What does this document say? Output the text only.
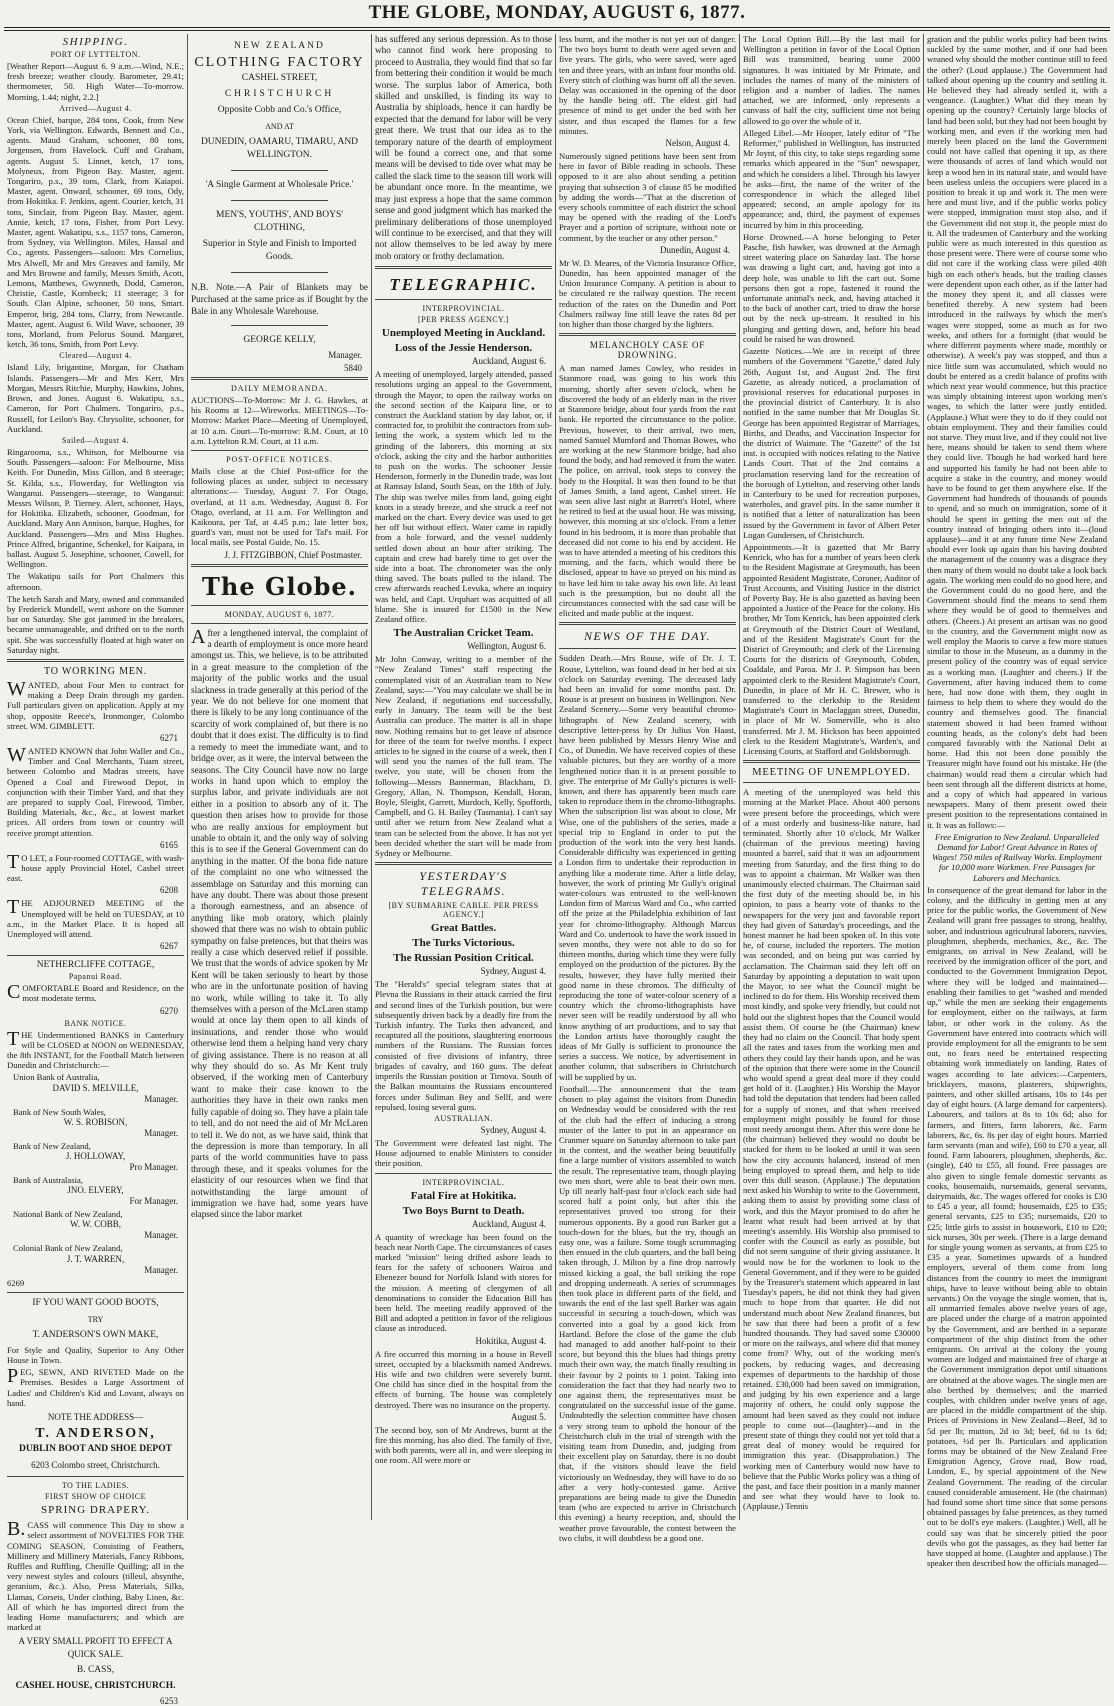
THE GLOBE, MONDAY, AUGUST 6, 1877.
SHIPPING.
PORT OF LYTTELTON.

[Weather Report—August 6. 9 a.m.—Wind, N.E.; fresh breeze; weather cloudy. Barometer, 29.41; thermometer, 50. High Water—To-morrow. Morning, 1.44; night, 2.2.]

Arrived—August 4.

Ocean Chief, barque, 284 tons, Cook, from New York, via Wellington. Edwards, Bennett and Co., agents. Maud Graham, schooner, 80 tons, Jorgensen, from Havelock. Cuff and Graham, agents. August 5. Linnet, ketch, 17 tons, Molyneux, from Pigeon Bay. Master, agent. Tongariro, p.s., 39 tons, Clark, from Kaiapoi. Master, agent. Onward, schooner, 69 tons, Ody, from Hokitika. F. Jenkins, agent. Courier, ketch, 31 tons, Sinclair, from Pigeon Bay. Master, agent. Annie, ketch, 17 tons, Fisher, from Port Levy. Master, agent. Wakatipu, s.s., 1157 tons, Cameron, from Sydney, via Wellington. Miles, Hassal and Co., agents. Passengers—saloon: Mrs Cornelius, Mrs Alwell, Mr and Mrs Greaves and family, Mr and Mrs Browne and family, Messrs Smith, Acott, Lemons, Matthews, Gwynneth, Dodd, Cameron, Christie, Castle, Kornbeck; 11 steerage; 3 for South. Clan Alpine, schooner, 50 tons, Smart. Emperor, brig, 284 tons, Clarry, from Newcastle. Master, agent. August 6. Wild Wave, schooner, 39 tons, Morland, from Pelorus Sound. Margaret, ketch, 36 tons, Smith, from Port Levy.

Cleared—August 4.

Island Lily, brigantine, Morgan, for Chatham Islands. Passengers—Mr and Mrs Kerr, Mrs Morgan, Messrs Ritchie, Murphy, Hawkins, Johns, Brown, and Jones. August 6. Wakatipu, s.s., Cameron, for Port Chalmers. Tongariro, p.s., Russell, for Leilon's Bay. Chrysolite, schooner, for Auckland.

Sailed—August 4.

Ringarooma, s.s., Whitson, for Melbourne via South. Passengers—saloon: For Melbourne, Miss Keith. For Dunedin, Miss Gillon, and 8 steerage; St. Kilda, s.s., Flowerday, for Wellington via Wanganui. Passengers—steerage, to Wanganui: Messrs Wilson, P. Tierney. Alert, schooner, Hays, for Hokitika. Elizabeth, schooner, Goodman, for Auckland. Mary Ann Annison, barque, Hughes, for Auckland. Passengers—Mrs and Miss Hughes. Prince Alfred, brigantine, Schenkel, for Kaipara, in ballast. August 5. Josephine, schooner, Cowell, for Wellington.

The Wakatipu sails for Port Chalmers this afternoon.

The ketch Sarah and Mary, owned and commanded by Frederick Mundell, went ashore on the Sumner bar on Saturday. She got jammed in the breakers, became unmanageable, and drifted on to the north spit. She was successfully floated at high water on Saturday night.

TO WORKING MEN.

WANTED, about Four Men to contract for making a Deep Drain through my garden. Full particulars given on application. Apply at my shop, opposite Reece's, Ironmonger, Colombo street. WM. GIMBLETT.

6271

WANTED KNOWN that John Waller and Co., Timber and Coal Merchants, Tuam street, between Colombo and Madras streets, have Opened a Coal and Firewood Depot, in conjunction with their Timber Yard, and that they are prepared to supply Coal, Firewood, Timber, Building Materials, &c., &c., at lowest market prices. All orders from town or country will receive prompt attention.

6165

TO LET, a Four-roomed COTTAGE, with wash-house apply Provincial Hotel, Cashel street east.

6208

THE ADJOURNED MEETING of the Unemployed will be held on TUESDAY, at 10 a.m., in the Market Place. It is hoped all Unemployed will attend.

6267
NETHERCLIFFE COTTAGE,
Papanui Road.

COMFORTABLE Board and Residence, on the most moderate terms.

6270
BANK NOTICE.

THE Undermentioned BANKS in Canterbury will be CLOSED at NOON on WEDNESDAY, the 8th INSTANT, for the Football Match between Dunedin and Christchurch:—

Union Bank of Australia,

DAVID S. MELVILLE,
Manager.

Bank of New South Wales,

W. S. ROBISON,
Manager.

Bank of New Zealand,

J. HOLLOWAY,
Pro Manager.

Bank of Australasia,

JNO. ELVERY,
For Manager.

National Bank of New Zealand,

W. W. COBB,
Manager.

Colonial Bank of New Zealand,

J. T. WARREN,
Manager.

6269

IF YOU WANT GOOD BOOTS,
TRY
T. ANDERSON'S OWN MAKE,

For Style and Quality, Superior to Any Other House in Town.

PEG, SEWN, AND RIVETED Made on the Premises. Besides a Large Assortment of Ladies' and Children's Kid and Lovant, always on hand.

NOTE THE ADDRESS—
T. ANDERSON,
DUBLIN BOOT AND SHOE DEPOT
6203 Colombo street, Christchurch.
TO THE LADIES.
FIRST SHOW OF CHOICE
SPRING DRAPERY.

B.CASS will commence This Day to show a select assortment of NOVELTIES FOR THE COMING SEASON, Consisting of Feathers, Millinery and Millinery Materials, Fancy Ribbons, Ruffles and Ruffling, Chenille Quilling; all in the very newest styles and colours (tilleul, absynthe, geranium, &c.). Also, Press Materials, Silks, Llamas, Corsets, Under clothing, Baby Linen, &c. All of which he has imported direct from the leading Home manufacturers; and which are marked at

A VERY SMALL PROFIT TO EFFECT A QUICK SALE.
B. CASS,
CASHEL HOUSE, CHRISTCHURCH.
6253
NEW ZEALAND
CLOTHING FACTORY
CASHEL STREET,
CHRISTCHURCH
Opposite Cobb and Co.'s Office,
AND AT
DUNEDIN, OAMARU, TIMARU, AND WELLINGTON.
'A Single Garment at Wholesale Price.'
MEN'S, YOUTHS', AND BOYS' CLOTHING,
Superior in Style and Finish to Imported Goods.

N.B. Note.—A Pair of Blankets may be Purchased at the same price as if Bought by the Bale in any Wholesale Warehouse.

GEORGE KELLY,
Manager.
5840
DAILY MEMORANDA.

AUCTIONS—To-Morrow: Mr J. G. Hawkes, at his Rooms at 12—Wireworks. MEETINGS—To-Morrow: Market Place—Meeting of Unemployed, at 10 a.m. Court—To-morrow: R.M. Court, at 10 a.m. Lyttelton R.M. Court, at 11 a.m.

POST-OFFICE NOTICES.

Mails close at the Chief Post-office for the following places as under, subject to necessary alterations:— Tuesday, August 7. For Otago, overland, at 11 a.m. Wednesday, August 8. For Otago, overland, at 11 a.m. For Wellington and Kaikoura, per Taf, at 4.45 p.m.; late letter box, guard's van, must not be used for Taf's mail. For local mails, see Postal Guide, No. 15.

J. J. FITZGIBBON, Chief Postmaster.
The Globe.
MONDAY, AUGUST 6, 1877.

After a lengthened interval, the complaint of a dearth of employment is once more heard amongst us. This, we believe, is to be attributed in a great measure to the completion of the majority of the public works and the usual slackness in trade generally at this period of the year. We do not believe for one moment that there is likely to be any long continuance of the scarcity of work complained of, but there is no doubt that it does exist. The difficulty is to find a remedy to meet the immediate want, and to bridge over, as it were, the interval between the seasons. The City Council have now no large works in hand upon which to employ the surplus labor, and private individuals are not either in a position to absorb any of it. The question then arises how to provide for those who are really anxious for employment but unable to obtain it, and the only way of solving this is to see if the General Government can do anything in the matter. Of the bona fide nature of the complaint no one who witnessed the assemblage on Saturday and this morning can have any doubt. There was about those present a thorough earnestness, and an absence of anything like mob oratory, which plainly showed that there was no wish to obtain public sympathy on false pretences, but that theirs was really a case which deserved relief if possible. We trust that the words of advice spoken by Mr Kent will be taken seriously to heart by those who are in the unfortunate position of having no work, while willing to take it. To ally themselves with a person of the McLaren stamp would at once lay them open to all kinds of insinuations, and render those who would otherwise lend them a helping hand very chary of giving assistance. There is no reason at all why they should do so. As Mr Kent truly observed, if the working men of Canterbury want to make their case known to the authorities they have in their own ranks men fully capable of doing so. They have a plain tale to tell, and do not need the aid of Mr McLaren to tell it. We do not, as we have said, think that the depression is more than temporary. In all parts of the world communities have to pass through these, and it speaks volumes for the elasticity of our resources when we find that notwithstanding the large amount of immigration we have had, some years have elapsed since the labor market

has suffered any serious depression. As to those who cannot find work here proposing to proceed to Australia, they would find that so far from bettering their condition it would be much worse. The surplus labor of America, both skilled and unskilled, is finding its way to Australia by shiploads, hence it can hardly be expected that the demand for labor will be very great there. We trust that our idea as to the temporary nature of the dearth of employment will be found a correct one, and that some means will be devised to tide over what may be called the slack time to the season till work will be abundant once more. In the meantime, we may just express a hope that the same common sense and good judgment which has marked the preliminary deliberations of those unemployed will continue to be exercised, and that they will not allow themselves to be led away by mere mob oratory or frothy declamation.

TELEGRAPHIC.
INTERPROVINCIAL.
[PER PRESS AGENCY.]
Unemployed Meeting in Auckland.
Loss of the Jessie Henderson.
Auckland, August 6.

A meeting of unemployed, largely attended, passed resolutions urging an appeal to the Government, through the Mayor, to open the railway works on the second section of the Kaipara line, or to construct the Auckland station by day labor, or, if contracted for, to prohibit the contractors from sub-letting the work, a system which led to the grinding of the laborers, this morning at six o'clock, asking the city and the harbor authorities to push on the works. The schooner Jessie Henderson, formerly in the Dunedin trade, was lost at Ramsay Island, South Seas, on the 18th of July. The ship was twelve miles from land, going eight knots in a steady breeze, and she struck a reef not marked on the chart. Every device was used to get her off but without effect. Water came in rapidly from a hole forward, and the vessel suddenly settled down about an hour after striking. The captain and crew had barely time to get over the side into a boat. The chronometer was the only thing saved. The boats pulled to the island. The crew afterwards reached Levuka, where an inquiry was held, and Capt. Urquhart was acquitted of all blame. She is insured for £1500 in the New Zealand office.

The Australian Cricket Team.
Wellington, August 6.

Mr John Conway, writing to a member of the "New Zealand Times" staff respecting the contemplated visit of an Australian team to New Zealand, says:—"You may calculate we shall be in New Zealand, if negotiations end successfully, early in January. The team will be the best Australia can produce. The matter is all in shape now. Nothing remains but to get leave of absence for three of the team for twelve months. I expect articles to be signed in the course of a week, then I will send you the names of the full team. The twelve, you state, will be chosen from the following—Messrs Bannerman, Blackham, D. Gregory, Allan, N. Thompson, Kendall, Horan, Boyle, Sleight, Garrett, Murdoch, Kelly, Spofforth, Campbell, and G. H. Bailey (Tasmania). I can't say until after we return from New Zealand what a team can be selected from the above. It has not yet been decided whether the start will be made from Sydney or Melbourne.

YESTERDAY'S TELEGRAMS.
[BY SUBMARINE CABLE. PER PRESS AGENCY.]
Great Battles.
The Turks Victorious.
The Russian Position Critical.
Sydney, August 4.

The "Herald's" special telegram states that at Plevna the Russians in their attack carried the first and second lines of the Turkish position, but were subsequently driven back by a deadly fire from the Turkish infantry. The Turks then advanced, and recaptured all the positions, slaughtering enormous numbers of the Russians. The Russian forces consisted of five divisions of infantry, three brigades of cavalry, and 160 guns. The defeat imperils the Russian position at Tirnova. South of the Balkan mountains the Russians encountered forces under Suliman Bey and Sellf, and were repulsed, losing several guns.

AUSTRALIAN.
Sydney, August 4.

The Government were defeated last night. The House adjourned to enable Ministers to consider their position.

INTERPROVINCIAL.
Fatal Fire at Hokitika.
Two Boys Burnt to Death.
Auckland, August 4.

A quantity of wreckage has been found on the beach near North Cape. The circumstances of cases marked "mission" being drifted ashore leads to fears for the safety of schooners Wairoa and Ebenezer bound for Norfolk Island with stores for the mission. A meeting of clergymen of all denominations to consider the Education Bill has been held. The meeting readily approved of the Bill and adopted a petition in favor of the religious clause as introduced.

Hokitika, August 4.

A fire occurred this morning in a house in Revell street, occupied by a blacksmith named Andrews. His wife and two children were severely burnt. One child has since died in the hospital from the effects of burning. The house was completely destroyed. There was no insurance on the property.

August 5.

The second boy, son of Mr Andrews, burnt at the fire this morning, has also died. The family of five, with both parents, were all in, and were sleeping in one room. All were more or

less burnt, and the mother is not yet out of danger. The two boys burnt to death were aged seven and five years. The girls, who were saved, were aged ten and three years, with an infant four months old. Every stitch of clothing was burnt off all the seven. Delay was occasioned in the opening of the door by the handle being off. The eldest girl had presence of mind to get under the bed with her sister, and thus escaped the flames for a few minutes.

Nelson, August 4.

Numerously signed petitions have been sent from here in favor of Bible reading in schools. These opposed to it are also about sending a petition praying that subsection 3 of clause 85 be modified by adding the words—"That at the discretion of every schools committee of each district the school may be opened with the reading of the Lord's Prayer and a portion of scripture, without note or comment, by the teacher or any other person."

Dunedin, August 4.

Mr W. D. Meares, of the Victoria Insurance Office, Dunedin, has been appointed manager of the Union Insurance Company. A petition is about to be circulated re the railway question. The recent reduction of the rates on the Dunedin and Port Chalmers railway line still leave the rates 8d per ton higher than those charged by the lighters.

MELANCHOLY CASE OF DROWNING.

A man named James Cowley, who resides in Stanmore road, was going to his work this morning, shortly after seven o'clock, when he discovered the body of an elderly man in the river at Stanmore bridge, about four yards from the east bank. He reported the circumstance to the police. Previous, however, to their arrival, two men, named Samuel Mumford and Thomas Bowes, who are working at the new Stanmore bridge, had also found the body, and had removed it from the water. The police, on arrival, took steps to convey the body to the Hospital. It was then found to be that of James Smith, a land agent, Cashel street. He was seen alive last night at Barrett's Hotel, where he retired to bed at the usual hour. He was missing, however, this morning at six o'clock. From a letter found in his bedroom, it is more than probable that deceased did not come to his end by accident. He was to have attended a meeting of his creditors this morning, and the facts, which would there be disclosed, appear to have so preyed on his mind as to have led him to take away his own life. At least such is the presumption, but no doubt all the circumstances connected with the sad case will be elicited and made public at the inquest.

NEWS OF THE DAY.

Sudden Death.—Mrs Rouse, wife of Dr. J. T. Rouse, Lyttelton, was found dead in her bed at six o'clock on Saturday evening. The deceased lady had been an invalid for some months past. Dr. Rouse is at present on business in Wellington. New Zealand Scenery.—Some very beautiful chromo-lithographs of New Zealand scenery, with descriptive letter-press by Dr Julius Von Haast, have been published by Messrs Henry Wise and Co., of Dunedin. We have received copies of these valuable pictures, but they are worthy of a more lengthened notice than it is at present possible to give. The enterprise of Mr Gully's pictures is well-known, and there has apparently been much care taken to reproduce them in the chromo-lithographs. When the subscription list was about to close, Mr Wise, one of the publishers of the series, made a special trip to England in order to put the production of the work into the very best hands. Considerable difficulty was experienced in getting a London firm to undertake their reproduction in anything like a moderate time. After a little delay, however, the work of printing Mr Gully's original water-colours was entrusted to the well-known London firm of Marcus Ward and Co., who carried off the prize at the Philadelphia exhibition of last year for chromo-lithography. Although Marcus Ward and Co. undertook to have the work issued in seven months, they were not able to do so for thirteen months, during which time they were fully employed on the production of the pictures. By the results, however, they have fully merited their good name in these chromos. The difficulty of reproducing the tone of water-colour scenery of a country which the chromo-lithographists have never seen will be readily understood by all who know anything of art productions, and to say that the London artists have thoroughly caught the ideas of Mr Gully is sufficient to pronounce the series a success. We notice, by advertisement in another column, that subscribers in Christchurch will be supplied by us.

Football.—The announcement that the team chosen to play against the visitors from Dunedin on Wednesday would be considered with the rest of the club had the effect of inducing a strong muster of the latter to put in an appearance on Cranmer square on Saturday afternoon to take part in the contest, and the weather being beautifully fine a large number of visitors assembled to watch the result. The representative team, though playing two men short, were able to beat their own men. Up till nearly half-past four o'clock each side had scored half a point only, but after this the representatives proved too strong for their numerous opponents. By a good run Barker got a touch-down for the blues, but the try, though an easy one, was a failure. Some tough scrummaging then ensued in the club quarters, and the ball being taken through, J. Milton by a fine drop narrowly missed kicking a goal, the ball striking the rope and dropping underneath. A series of scrummages then took place in different parts of the field, and towards the end of the last spell Barker was again successful in securing a touch-down, which was converted into a goal by a good kick from Hartland. Before the close of the game the club had managed to add another half-point to their score, but beyond this the blues had things pretty much their own way, the match finally resulting in their favour by 2 points to 1 point. Taking into consideration the fact that they had nearly two to one against them, the representatives must be congratulated on the successful issue of the game. Undoubtedly the selection committee have chosen a very strong team to uphold the honour of the Christchurch club in the trial of strength with the visiting team from Dunedin, and, judging from their excellent play on Saturday, there is no doubt that, if the visitors should leave the field victoriously on Wednesday, they will have to do so after a very hotly-contested game. Active preparations are being made to give the Dunedin team (who are expected to arrive in Christchurch this evening) a hearty reception, and, should the weather prove favourable, the contest between the two clubs, it will doubtless be a good one.

The Local Option Bill.—By the last mail for Wellington a petition in favor of the Local Option Bill was transmitted, bearing some 2000 signatures. It was initiated by Mr Primate, and includes the names of many of the ministers of religion and a number of ladies. The names attached, we are informed, only represents a canvass of half the city, sufficient time not being allowed to go over the whole of it.

Alleged Libel.—Mr Hooper, lately editor of "The Reformer," published in Wellington, has instructed Mr Joynt, of this city, to take steps regarding some remarks which appeared in the "Sun" newspaper, and which he considers a libel. Through his lawyer he asks—first, the name of the writer of the correspondence in which the alleged libel appeared; second, an ample apology for its appearance; and, third, the payment of expenses incurred by him in this proceeding.

Horse Drowned.—A horse belonging to Peter Pasche, fish hawker, was drowned at the Armagh street watering place on Saturday last. The horse was drawing a light cart, and, having got into a deep hole, was unable to lift the cart out. Some persons then got a rope, fastened it round the unfortunate animal's neck, and, having attached it to the back of another cart, tried to draw the horse out by the neck up-stream. It resulted in his plunging and getting down, and, before his head could be raised he was drowned.

Gazette Notices.—We are in receipt of three numbers of the Government "Gazette," dated July 26th, August 1st, and August 2nd. The first Gazette, as already noticed, a proclamation of provisional reserves for educational purposes in the provincial district of Canterbury. It is also notified in the same number that Mr Douglas St. George has been appointed Registrar of Marriages, Births, and Deaths, and Vaccination Inspector for the district of Waimate. The "Gazette" of the 1st inst. is occupied with notices relating to the Native Lands Court. That of the 2nd contains a proclamation reserving land for the recreation of the borough of Lyttelton, and reserving other lands in Canterbury to be used for recreation purposes, waterholes, and gravel pits. In the same number it is notified that a letter of naturalization has been issued by the Government in favor of Albert Peter Logan Gundersen, of Christchurch.

Appointments.—It is gazetted that Mr Barry Kenrick, who has for a number of years been clerk to the Resident Magistrate at Greymouth, has been appointed Resident Magistrate, Coroner, Auditor of Trust Accounts, and Visiting Justice in the district of Poverty Bay. He is also gazetted as having been appointed a Justice of the Peace for the colony. His brother, Mr Tom Kenrick, has been appointed clerk at Greymouth of the District Court of Westland, and of the Resident Magistrate's Court for the District of Greymouth; and clerk of the Licensing Courts for the districts of Greymouth, Cobden, Coaldale, and Paroa. Mr J. P. Simpson has been appointed clerk to the Resident Magistrate's Court, Dunedin, in place of Mr H. C. Brewer, who is transferred to the clerkship to the Resident Magistrate's Court in Maclaggan street, Dunedin, in place of Mr W. Somerville, who is also transferred. Mr J. M. Hickson has been appointed clerk to the Resident Magistrate's, Warden's, and Licensing Courts, at Stafford and Goldsborough.

MEETING OF UNEMPLOYED.

A meeting of the unemployed was held this morning at the Market Place. About 400 persons were present before the proceedings, which were of a most orderly and business-like nature, had terminated. Shortly after 10 o'clock, Mr Walker (chairman of the previous meeting) having mounted a barrel, said that it was an adjournment meeting from Saturday, and the first thing to do was to appoint a chairman. Mr Walker was then unanimously elected chairman. The Chairman said the first duty of the meeting should be, in his opinion, to pass a hearty vote of thanks to the newspapers for the very just and favorable report they had given of Saturday's proceedings, and the honest manner he had been spoken of. In this vote he, of course, included the reporters. The motion was seconded, and on being put was carried by acclamation. The Chairman said they left off on Saturday by appointing a deputation to wait upon the Mayor, to see what the Council might be inclined to do for them. His Worship received them most kindly, and spoke very friendly, but could not hold out the slightest hopes that the Council would assist them. Of course he (the Chairman) knew they had no claim on the Council. That body spent all the rates and taxes from the working men and others they could lay their hands upon, and he was of the opinion that there were some in the Council who would spend a great deal more if they could get hold of it. (Laughter.) His Worship the Mayor had told the deputation that tenders had been called for a supply of stones, and that when received employment might possibly be found for those most needy amongst them. After this were done he (the chairman) believed they would no doubt be stacked for them to be looked at until it was seen how the city accounts balanced, instead of men being employed to spread them, and help to tide over this dull season. (Applause.) The deputation next asked his Worship to write to the Government, asking them to assist by providing some class of work, and this the Mayor promised to do after he learnt what result had been arrived at by that meeting's assembly. His Worship also promised to confer with the Council as early as possible, but did not seem sanguine of their giving assistance. It would now be for the workmen to look to the General Government, and if they were to be guided by the Treasurer's statement which appeared in last Tuesday's papers, he did not think they had given much to hope from that quarter. He did not understand much about New Zealand finances, but he saw that there had been a profit of a few hundred thousands. They had saved some £30000 or more on the railways, and where did that money come from? Why, out of the working men's pockets, by reducing wages, and decreasing expenses of departments to the hardship of those retained. £30,000 had been saved on immigration, and judging by his own experience and a large majority of others, he could only suppose the amount had been saved as they could not induce people to come out—(laughter)—and in the present state of things they could not yet told that a great deal of money would be required for immigration this year. (Disapprobation.) The working men of Canterbury would now have to believe that the Public Works policy was a thing of the past, and face their position in a manly manner and see what they would have to look to. (Applause.) Tennis

gration and the public works policy had been twins suckled by the same mother, and if one had been weaned why should the mother continue still to feed the other? (Loud applause.) The Government had talked about opening up the country and settling it. He believed they had already settled it, with a vengeance. (Laughter.) What did they mean by opening up the country? Certainly large blocks of land had been sold, but they had not been bought by working men, and even if the working men had merely been placed on the land the Government could not have called that opening it up, as there were thousands of acres of land which would not keep a wood hen in its natural state, and would have been useless unless the occupiers were placed in a position to break it up and work it. The men were here and must live, and if the public works policy were stopped, immigration must stop also, and if the Government did not stop it, the people must do it. All the tradesmen of Canterbury and the working public were as much interested in this question as those present were. There were of course some who did not care if the working class were piled 40ft high on each other's heads, but the trading classes were dependent upon each other, as if the latter had the money they spent it, and all classes were benefited thereby. A new system had been introduced in the railways by which the men's wages were stopped, some as much as for two weeks, and others for a fortnight (that would be where different payments where made, monthly or otherwise). A week's pay was stopped, and thus a nice little sum was accumulated, which would no doubt be entered as a credit balance of profits with which next year would commence, but this practice was simply obtaining interest upon working men's wages, to which the latter were justly entitled. (Applause.) What were they to do if they could not obtain employment. They and their families could not starve. They must live, and if they could not live here, means should be taken to send them where they could live. Though he had worked hard here and supported his family he had not been able to acquire a stake in the country, and money would have to be found to get them anywhere else. If the Government had hundreds of thousands of pounds to spend, and so much on immigration, some of it should be spent in getting the men out of the country instead of bringing others into it—(loud applause)—and it at any future time New Zealand should ever look up again than his having doubted the management of the country was a disgrace they then many of them would no doubt take a look back again. The working men could do no good here, and the Government could do no good here, and the Government should find the means to send them where they would be of good to themselves and others. (Cheers.) At present an artisan was no good to the country, and the Government might now as well employ the Maoris to carve a few more statues similar to those in the Museum, as a dummy in the present policy of the country was of equal service as a working man. (Laughter and cheers.) If the Government, after having induced them to come here, had now done with them, they ought in fairness to help them to where they would do the country and themselves good. The financial statement showed it had been framed without counting heads, as the colony's debt had been compared favorably with the National Debt at home. Had this not been done possibly the Treasurer might have found out his mistake. He (the chairman) would read them a circular which had been sent through all the different districts at home, and a copy of which had appeared in various newspapers. Many of them present owed their present position to the representations contained in it. It was as follows:—

Free Emigration to New Zealand. Unparalleled Demand for Labor! Great Advance in Rates of Wages! 750 miles of Railway Works. Employment for 10,000 more Workmen. Free Passages for Laborers and Mechanics.

In consequence of the great demand for labor in the colony, and the difficulty in getting men at any price for the public works, the Government of New Zealand will grant free passages to strong, healthy, sober, and industrious agricultural laborers, navvies, ploughmen, shepherds, mechanics, &c., &c. The emigrants, on arrival in New Zealand, will be received by the immigration officer of the port, and conducted to the Government Immigration Depot, where they will be lodged and maintained—enabling their families to get "washed and mended up," while the men are seeking their engagements for employment, either on the railways, at farm labor, or other work in the colony. As the Government have entered into contracts which will provide employment for all the emigrants to be sent out, no fears need be entertained respecting obtaining work immediately on landing. Rates of wages according to late advices:—Carpenters, bricklayers, masons, plasterers, shipwrights, painters, and other skilled artisans, 10s to 14s per day of eight hours. (A large demand for carpenters). Labourers, and tailors at 8s to 10s 6d; also for farmers, and fitters, farm laborers, &c. Farm laborers, &c, 6s. 8s per day of eight hours. Married farm servants (man and wife), £60 to £70 a year, all found. Farm labourers, ploughmen, shepherds, &c. (single), £40 to £55, all found. Free passages are also given to single female domestic servants as cooks, housemaids, nursemaids, general servants, dairymaids, &c. The wages offered for cooks is £30 to £45 a year, all found; housemaids, £25 to £35; general servants, £25 to £35; nursemaids, £20 to £25; little girls to assist in housework, £10 to £20; sick nurses, 30s per week. (There is a large demand for single young women as servants, at from £25 to £35 a year. Sometimes upwards of a hundred employers, several of them come from long distances from the country to meet the immigrant ships, have to leave without being able to obtain servants.) On the voyage the single women, that is, all unmarried females above twelve years of age, are placed under the charge of a matron appointed by the Government, and are berthed in a separate compartment of the ship distinct from the other emigrants. On arrival at the colony the young women are lodged and maintained free of charge at the Government immigration depot until situations are obtained at the above wages. The single men are also berthed by themselves; and the married couples, with children under twelve years of age, are placed in the middle compartment of the ship. Prices of Provisions in New Zealand—Beef, 3d to 5d per lb; mutton, 2d to 3d; beef, 6d to 1s 6d; potatoes, ½d per lb. Particulars and application forms may be obtained of the New Zealand Free Emigration Agency, Grove road, Bow road, London, E., by special appointment of the New Zealand Government. The reading of the circular caused considerable amusement. He (the chairman) had found some short time since that some persons obtained passages by false pretences, as they turned out to be doll's eye makers. (Laughter.) Well, all he could say was that he sincerely pitied the poor devils who got the passages, as they had better far have stopped at home. (Laughter and applause.) The speaker then described how the officials managed—
